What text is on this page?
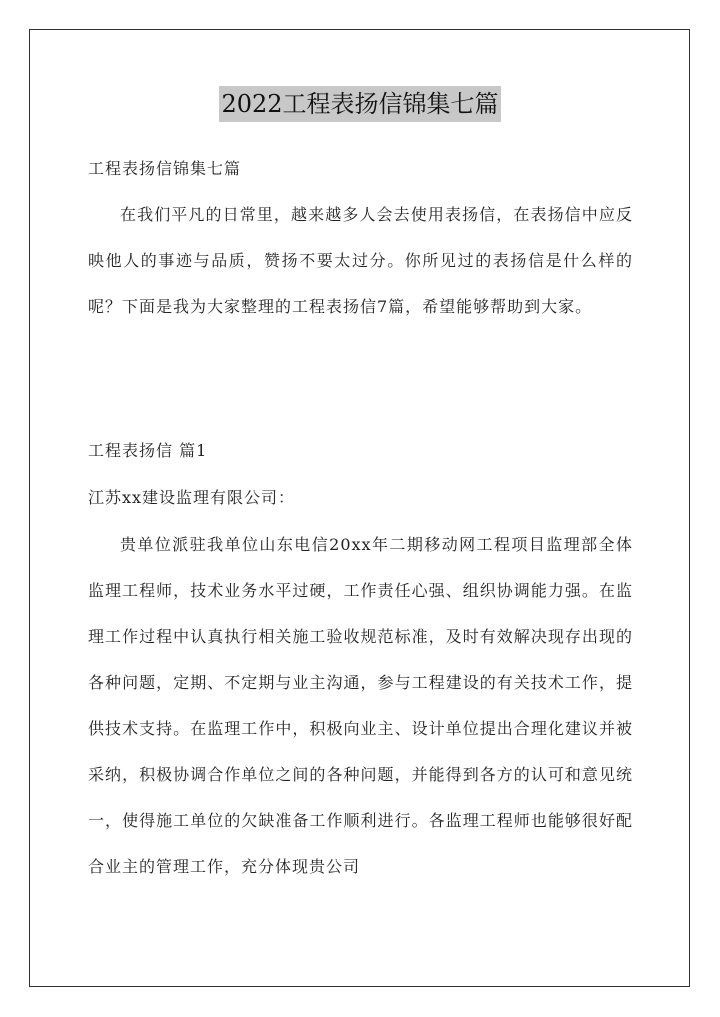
2022工程表扬信锦集七篇

工程表扬信锦集七篇

在我们平凡的日常里，越来越多人会去使用表扬信，在表扬信中应反映他人的事迹与品质，赞扬不要太过分。你所见过的表扬信是什么样的呢？下面是我为大家整理的工程表扬信7篇，希望能够帮助到大家。

工程表扬信 篇1

江苏xx建设监理有限公司：

贵单位派驻我单位山东电信20xx年二期移动网工程项目监理部全体监理工程师，技术业务水平过硬，工作责任心强、组织协调能力强。在监理工作过程中认真执行相关施工验收规范标准，及时有效解决现存出现的各种问题，定期、不定期与业主沟通，参与工程建设的有关技术工作，提供技术支持。在监理工作中，积极向业主、设计单位提出合理化建议并被采纳，积极协调合作单位之间的各种问题，并能得到各方的认可和意见统一，使得施工单位的欠缺准备工作顺利进行。各监理工程师也能够很好配合业主的管理工作，充分体现贵公司
